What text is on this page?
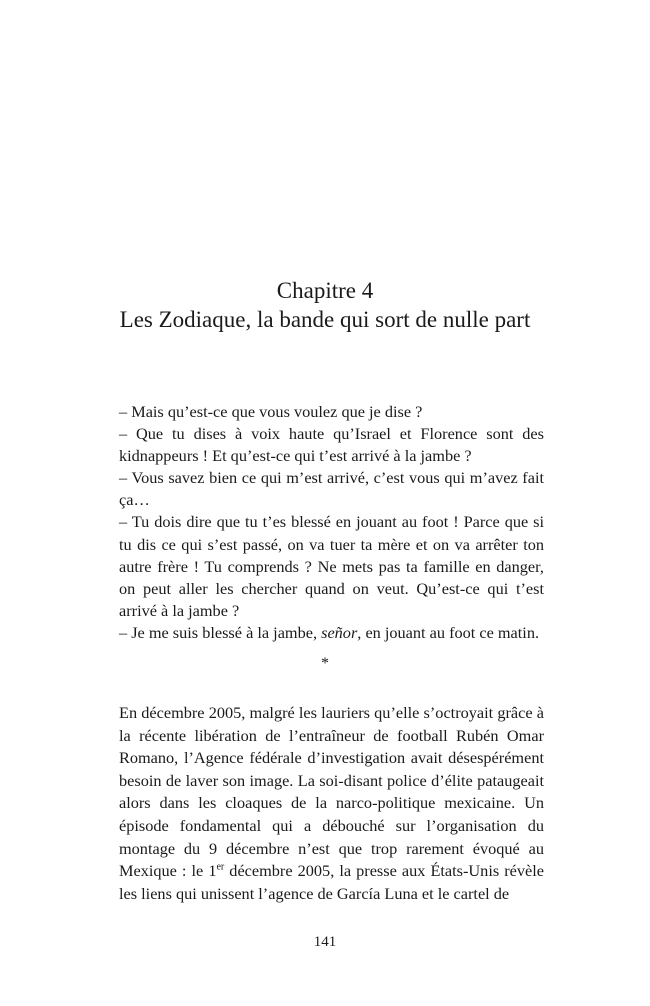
Chapitre 4
Les Zodiaque, la bande qui sort de nulle part

– Mais qu’est-ce que vous voulez que je dise ?

– Que tu dises à voix haute qu’Israel et Florence sont des kidnappeurs ! Et qu’est-ce qui t’est arrivé à la jambe ?

– Vous savez bien ce qui m’est arrivé, c’est vous qui m’avez fait ça…

– Tu dois dire que tu t’es blessé en jouant au foot ! Parce que si tu dis ce qui s’est passé, on va tuer ta mère et on va arrêter ton autre frère ! Tu comprends ? Ne mets pas ta famille en danger, on peut aller les chercher quand on veut. Qu’est-ce qui t’est arrivé à la jambe ?

– Je me suis blessé à la jambe, señor, en jouant au foot ce matin.

*

En décembre 2005, malgré les lauriers qu’elle s’octroyait grâce à la récente libération de l’entraîneur de football Rubén Omar Romano, l’Agence fédérale d’investigation avait désespérément besoin de laver son image. La soi-disant police d’élite pataugeait alors dans les cloaques de la narco-politique mexicaine. Un épisode fondamental qui a débouché sur l’organisation du montage du 9 décembre n’est que trop rarement évoqué au Mexique : le 1er décembre 2005, la presse aux États-Unis révèle les liens qui unissent l’agence de García Luna et le cartel de

141
